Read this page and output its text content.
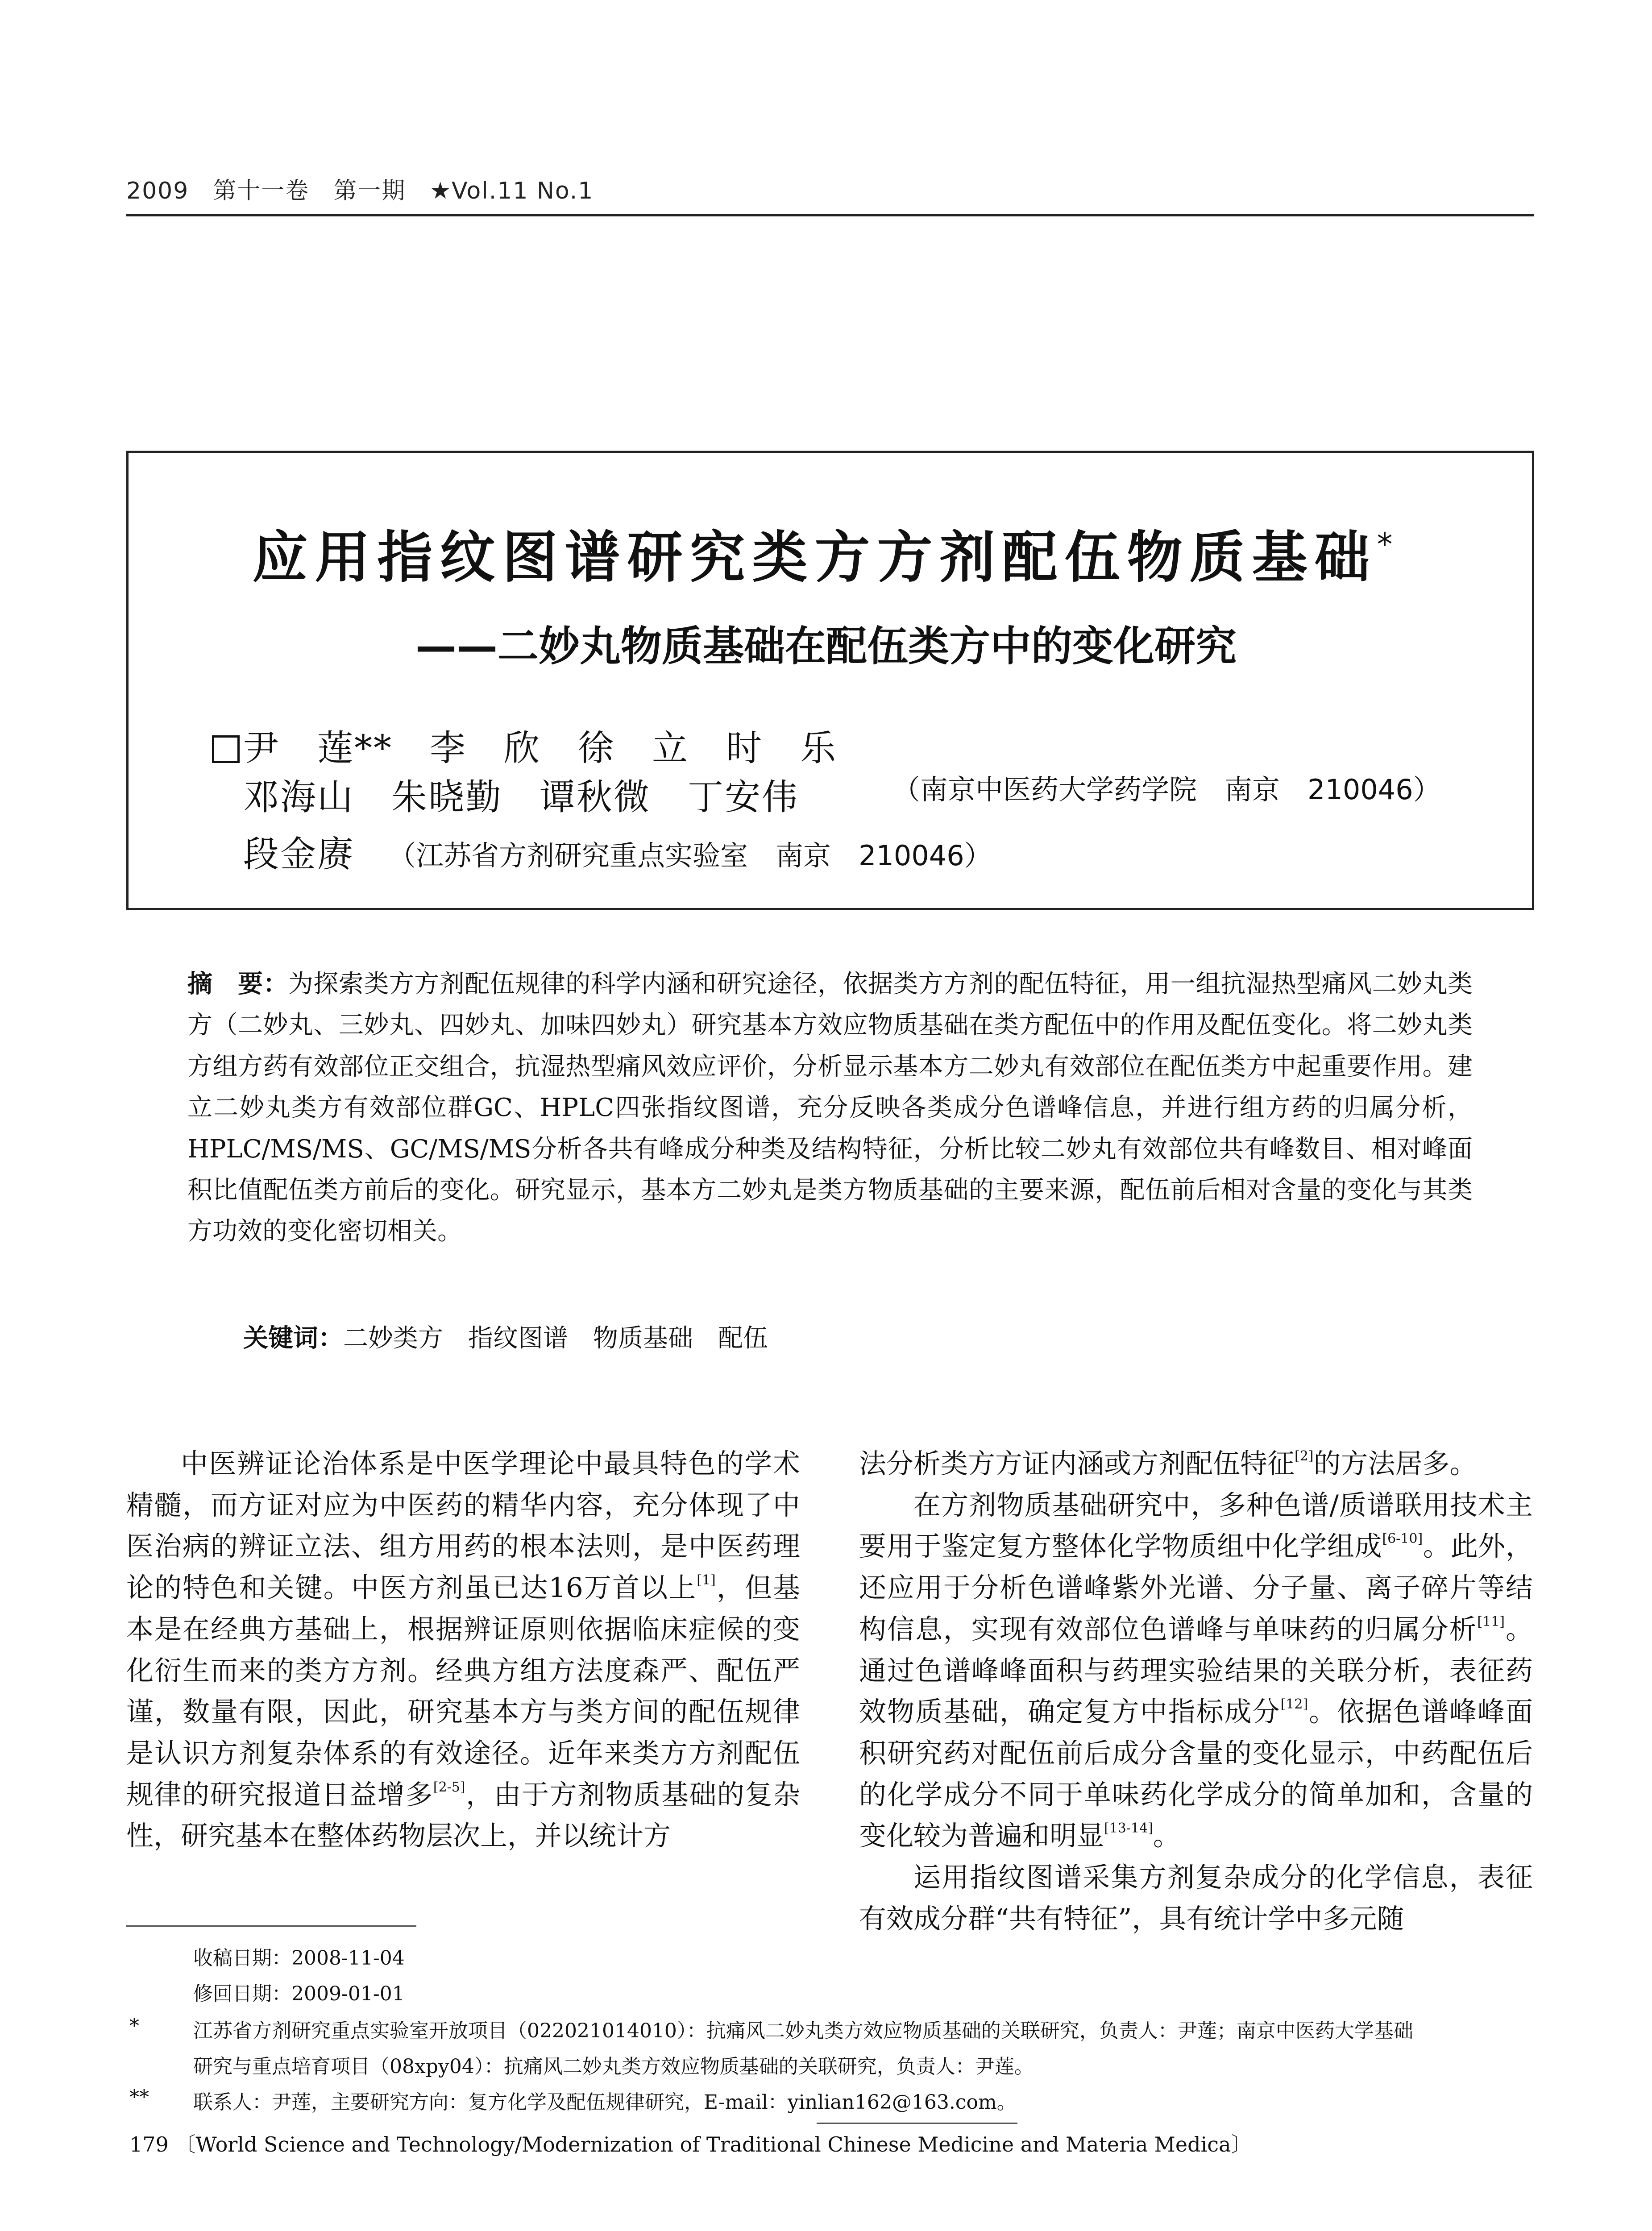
2009　第十一卷　第一期　★Vol.11 No.1
应用指纹图谱研究类方方剂配伍物质基础*
——二妙丸物质基础在配伍类方中的变化研究
尹　莲**　李　欣　徐　立　时　乐
邓海山　朱晓勤　谭秋微　丁安伟	（南京中医药大学药学院　南京　210046）
段金赓 （江苏省方剂研究重点实验室　南京　210046）
摘　要：为探索类方方剂配伍规律的科学内涵和研究途径，依据类方方剂的配伍特征，用一组抗湿热型痛风二妙丸类方（二妙丸、三妙丸、四妙丸、加味四妙丸）研究基本方效应物质基础在类方配伍中的作用及配伍变化。将二妙丸类方组方药有效部位正交组合，抗湿热型痛风效应评价，分析显示基本方二妙丸有效部位在配伍类方中起重要作用。建立二妙丸类方有效部位群GC、HPLC四张指纹图谱，充分反映各类成分色谱峰信息，并进行组方药的归属分析，HPLC/MS/MS、GC/MS/MS分析各共有峰成分种类及结构特征，分析比较二妙丸有效部位共有峰数目、相对峰面积比值配伍类方前后的变化。研究显示，基本方二妙丸是类方物质基础的主要来源，配伍前后相对含量的变化与其类方功效的变化密切相关。
关键词：二妙类方　指纹图谱　物质基础　配伍

中医辨证论治体系是中医学理论中最具特色的学术精髓，而方证对应为中医药的精华内容，充分体现了中医治病的辨证立法、组方用药的根本法则，是中医药理论的特色和关键。中医方剂虽已达16万首以上[1]，但基本是在经典方基础上，根据辨证原则依据临床症候的变化衍生而来的类方方剂。经典方组方法度森严、配伍严谨，数量有限，因此，研究基本方与类方间的配伍规律是认识方剂复杂体系的有效途径。近年来类方方剂配伍规律的研究报道日益增多[2-5]，由于方剂物质基础的复杂性，研究基本在整体药物层次上，并以统计方

法分析类方方证内涵或方剂配伍特征[2]的方法居多。

在方剂物质基础研究中，多种色谱/质谱联用技术主要用于鉴定复方整体化学物质组中化学组成[6-10]。此外，还应用于分析色谱峰紫外光谱、分子量、离子碎片等结构信息，实现有效部位色谱峰与单味药的归属分析[11]。通过色谱峰峰面积与药理实验结果的关联分析，表征药效物质基础，确定复方中指标成分[12]。依据色谱峰峰面积研究药对配伍前后成分含量的变化显示，中药配伍后的化学成分不同于单味药化学成分的简单加和，含量的变化较为普遍和明显[13-14]。

运用指纹图谱采集方剂复杂成分的化学信息，表征有效成分群“共有特征”，具有统计学中多元随

收稿日期：2008-11-04
修回日期：2009-01-01
*	江苏省方剂研究重点实验室开放项目（022021014010）：抗痛风二妙丸类方效应物质基础的关联研究，负责人：尹莲；南京中医药大学基础
研究与重点培育项目（08xpy04）：抗痛风二妙丸类方效应物质基础的关联研究，负责人：尹莲。
** 联系人：尹莲，主要研究方向：复方化学及配伍规律研究，E-mail：yinlian162@163.com。
179 〔World Science and Technology/Modernization of Traditional Chinese Medicine and Materia Medica〕
